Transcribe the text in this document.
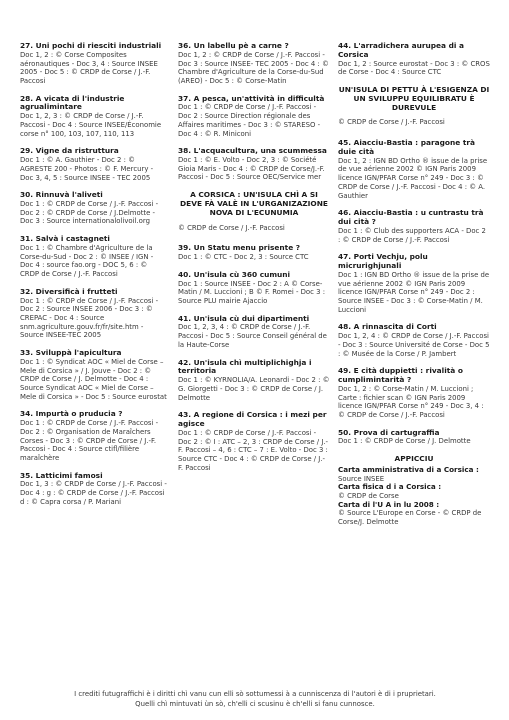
27. Uni pochi di riesciti industriali
Doc 1, 2 : © Corse Composites aéronautiques - Doc 3, 4 : Source INSEE 2005 - Doc 5 : © CRDP de Corse / J.-F. Paccosi
28. A vicata di l'industrie agrualimintare
Doc 1, 2, 3 : © CRDP de Corse / J.-F. Paccosi - Doc 4 : Source INSEE/Économie corse n° 100, 103, 107, 110, 113
29. Vigne da ristruttura
Doc 1 : © A. Gauthier - Doc 2 : © AGRESTE 200 - Photos : © F. Mercury - Doc 3, 4, 5 : Source INSEE - TEC 2005
30. Rinnuvà l'aliveti
Doc 1 : © CRDP de Corse / J.-F. Paccosi - Doc 2 : © CRDP de Corse / J.Delmotte - Doc 3 : Source internationalolivoil.org
31. Salvà i castagneti
Doc 1 : © Chambre d'Agriculture de la Corse-du-Sud - Doc 2 : © INSEE / IGN - Doc 4 : source fao.org - DOC 5, 6 : © CRDP de Corse / J.-F. Paccosi
32. Diversificà i frutteti
Doc 1 : © CRDP de Corse / J.-F. Paccosi - Doc 2 : Source INSEE 2006 - Doc 3 : © CREPAC - Doc 4 : Source snm.agriculture.gouv.fr/fr/site.htm - Source INSEE-TEC 2005
33. Sviluppà l'apicultura
Doc 1 : © Syndicat AOC « Miel de Corse – Mele di Corsica » / J. Jouve - Doc 2 : © CRDP de Corse / J. Delmotte - Doc 4 : Source Syndicat AOC « Miel de Corse – Mele di Corsica » - Doc 5 : Source eurostat
34. Impurtà o pruducia ?
Doc 1 : © CRDP de Corse / J.-F. Paccosi - Doc 2 : © Organisation de Maraîchers Corses - Doc 3 : © CRDP de Corse / J.-F. Paccosi - Doc 4 : Source ctifl/filière maraîchère
35. Latticimi famosi
Doc 1, 3 : © CRDP de Corse / J.-F. Paccosi - Doc 4 : g : © CRDP de Corse / J.-F. Paccosi d : © Capra corsa / P. Mariani
36. Un labellu pè a carne ?
Doc 1, 2 : © CRDP de Corse / J.-F. Paccosi - Doc 3 : Source INSEE- TEC 2005 - Doc 4 : © Chambre d'Agriculture de la Corse-du-Sud (AREO) - Doc 5 : © Corse-Matin
37. A pesca, un'attività in difficultà
Doc 1 : © CRDP de Corse / J.-F. Paccosi - Doc 2 : Source Direction régionale des Affaires maritimes - Doc 3 : © STARESO - Doc 4 : © R. Miniconi
38. L'acquacultura, una scummessa
Doc 1 : © E. Volto - Doc 2, 3 : © Société Gioia Maris - Doc 4 : © CRDP de Corse/J.-F. Paccosi - Doc 5 : Source OEC/Service mer
A CORSICA : UN'ISULA CHÌ A SI DEVE FÀ VALÈ IN L'URGANIZAZIONE NOVA DI L'ECUNUMIA
© CRDP de Corse / J.-F. Paccosi
39. Un Statu menu prisente ?
Doc 1 : © CTC - Doc 2, 3 : Source CTC
40. Un'isula cù 360 cumuni
Doc 1 : Source INSEE - Doc 2 : A © Corse-Matin / M. Luccioni ; B © F. Romei - Doc 3 : Source PLU mairie Ajaccio
41. Un'isula cù dui dipartimenti
Doc 1, 2, 3, 4 : © CRDP de Corse / J.-F. Paccosi - Doc 5 : Source Conseil général de la Haute-Corse
42. Un'isula chì multiplichighja i territoria
Doc 1 : © KYRNOLIA/A. Leonardi - Doc 2 : © G. Giorgetti - Doc 3 : © CRDP de Corse / J. Delmotte
43. A regione di Corsica : i mezi per agisce
Doc 1 : © CRDP de Corse / J.-F. Paccosi - Doc 2 : © I : ATC – 2, 3 : CRDP de Corse / J.-F. Paccosi – 4, 6 : CTC – 7 : E. Volto - Doc 3 : Source CTC - Doc 4 : © CRDP de Corse / J.-F. Paccosi
44. L'arradichera aurupea di a Corsica
Doc 1, 2 : Source eurostat - Doc 3 : © CROS de Corse - Doc 4 : Source CTC
UN'ISULA DI PETTU À L'ESIGENZA DI UN SVILUPPU EQUILIBRATU È DUREVULE
© CRDP de Corse / J.-F. Paccosi
45. Aiacciu-Bastia : paragone trà duie cità
Doc 1, 2 : IGN BD Ortho ® issue de la prise de vue aérienne 2002 © IGN Paris 2009 licence IGN/PFAR Corse n° 249 - Doc 3 : © CRDP de Corse / J.-F. Paccosi - Doc 4 : © A. Gauthier
46. Aiacciu-Bastia : u cuntrastu trà dui cità ?
Doc 1 : © Club des supporters ACA - Doc 2 : © CRDP de Corse / J.-F. Paccosi
47. Porti Vechju, polu micrurighjunali
Doc 1 : IGN BD Ortho ® issue de la prise de vue aérienne 2002 © IGN Paris 2009 licence IGN/PFAR Corse n° 249 - Doc 2 : Source INSEE - Doc 3 : © Corse-Matin / M. Luccioni
48. A rinnascita di Corti
Doc 1, 2, 4 : © CRDP de Corse / J.-F. Paccosi - Doc 3 : Source Université de Corse - Doc 5 : © Musée de la Corse / P. Jambert
49. E cità duppietti : rivalità o cumplimintarità ?
Doc 1, 2 : © Corse-Matin / M. Luccioni ; Carte : fichier scan © IGN Paris 2009 licence IGN/PFAR Corse n° 249 - Doc 3, 4 : © CRDP de Corse / J.-F. Paccosi
50. Prova di cartugraffia
Doc 1 : © CRDP de Corse / J. Delmotte
APPICCIU
Carta amministrativa di a Corsica :
Source INSEE
Carta fisica d i a Corsica :
© CRDP de Corse
Carta di l'U A in lu 2008 :
© Source L'Europe en Corse - © CRDP de Corse/J. Delmotte
I crediti futugraffichi è i diritti chì vanu cun elli sò sottumessi à a cunniscenza di l'autori è di i pruprietari.
Quelli chì mintuvati ùn sò, ch'elli ci scusinu è ch'elli si fanu cunnosce.
